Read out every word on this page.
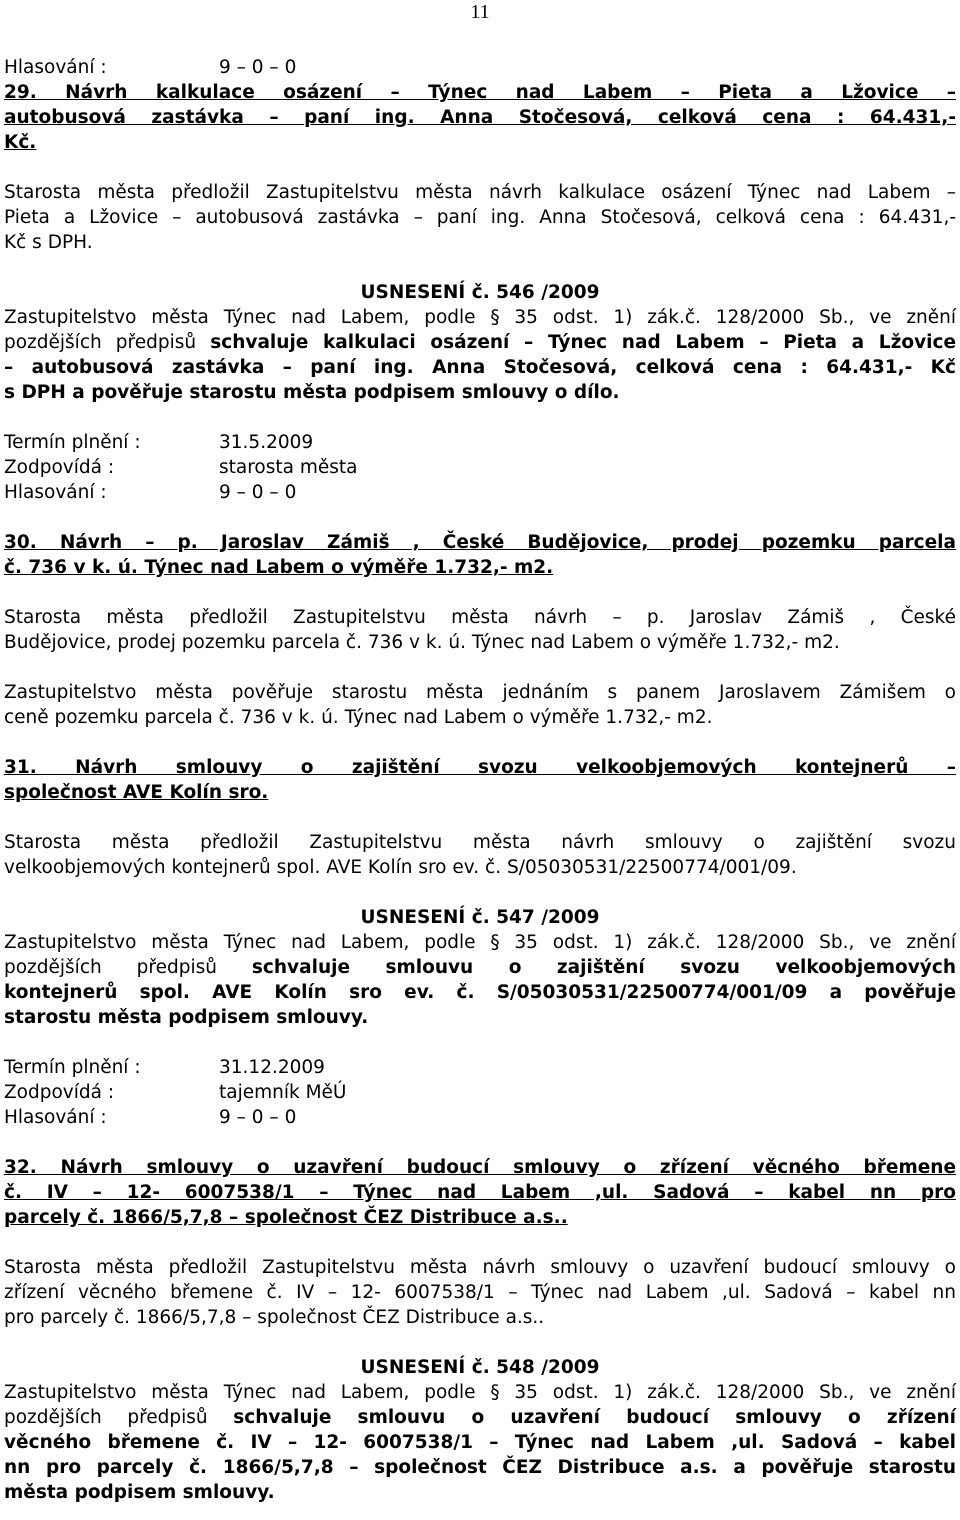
11
Hlasování :	9 – 0 – 0
29. Návrh kalkulace osázení – Týnec nad Labem – Pieta a Lžovice –
autobusová zastávka – paní ing. Anna Stočesová, celková cena : 64.431,-
Kč.
Starosta města předložil Zastupitelstvu města návrh kalkulace osázení Týnec nad Labem –
Pieta a Lžovice – autobusová zastávka – paní ing. Anna Stočesová, celková cena : 64.431,-
Kč s DPH.
USNESENÍ č. 546 /2009
Zastupitelstvo města Týnec nad Labem, podle § 35 odst. 1) zák.č. 128/2000 Sb., ve znění
pozdějších předpisů schvaluje kalkulaci osázení – Týnec nad Labem – Pieta a Lžovice
– autobusová zastávka – paní ing. Anna Stočesová, celková cena : 64.431,- Kč
s DPH a pověřuje starostu města podpisem smlouvy o dílo.
Termín plnění :	31.5.2009
Zodpovídá :	starosta města
Hlasování :	9 – 0 – 0
30. Návrh – p. Jaroslav Zámiš , České Budějovice, prodej pozemku parcela
č. 736 v k. ú. Týnec nad Labem o výměře 1.732,- m2.
Starosta města předložil Zastupitelstvu města návrh – p. Jaroslav Zámiš , České
Budějovice, prodej pozemku parcela č. 736 v k. ú. Týnec nad Labem o výměře 1.732,- m2.
Zastupitelstvo města pověřuje starostu města jednáním s panem Jaroslavem Zámišem o
ceně pozemku parcela č. 736 v k. ú. Týnec nad Labem o výměře 1.732,- m2.
31. Návrh smlouvy o zajištění svozu velkoobjemových kontejnerů –
společnost AVE Kolín sro.
Starosta města předložil Zastupitelstvu města návrh smlouvy o zajištění svozu
velkoobjemových kontejnerů spol. AVE Kolín sro ev. č. S/05030531/22500774/001/09.
USNESENÍ č. 547 /2009
Zastupitelstvo města Týnec nad Labem, podle § 35 odst. 1) zák.č. 128/2000 Sb., ve znění
pozdějších předpisů schvaluje smlouvu o zajištění svozu velkoobjemových
kontejnerů spol. AVE Kolín sro ev. č. S/05030531/22500774/001/09 a pověřuje
starostu města podpisem smlouvy.
Termín plnění :	31.12.2009
Zodpovídá :	tajemník MěÚ
Hlasování :	9 – 0 – 0
32. Návrh smlouvy o uzavření budoucí smlouvy o zřízení věcného břemene
č. IV – 12- 6007538/1 – Týnec nad Labem ,ul. Sadová – kabel nn pro
parcely č. 1866/5,7,8 – společnost ČEZ Distribuce a.s..
Starosta města předložil Zastupitelstvu města návrh smlouvy o uzavření budoucí smlouvy o
zřízení věcného břemene č. IV – 12- 6007538/1 – Týnec nad Labem ,ul. Sadová – kabel nn
pro parcely č. 1866/5,7,8 – společnost ČEZ Distribuce a.s..
USNESENÍ č. 548 /2009
Zastupitelstvo města Týnec nad Labem, podle § 35 odst. 1) zák.č. 128/2000 Sb., ve znění
pozdějších předpisů schvaluje smlouvu o uzavření budoucí smlouvy o zřízení
věcného břemene č. IV – 12- 6007538/1 – Týnec nad Labem ,ul. Sadová – kabel
nn pro parcely č. 1866/5,7,8 – společnost ČEZ Distribuce a.s. a pověřuje starostu
města podpisem smlouvy.
